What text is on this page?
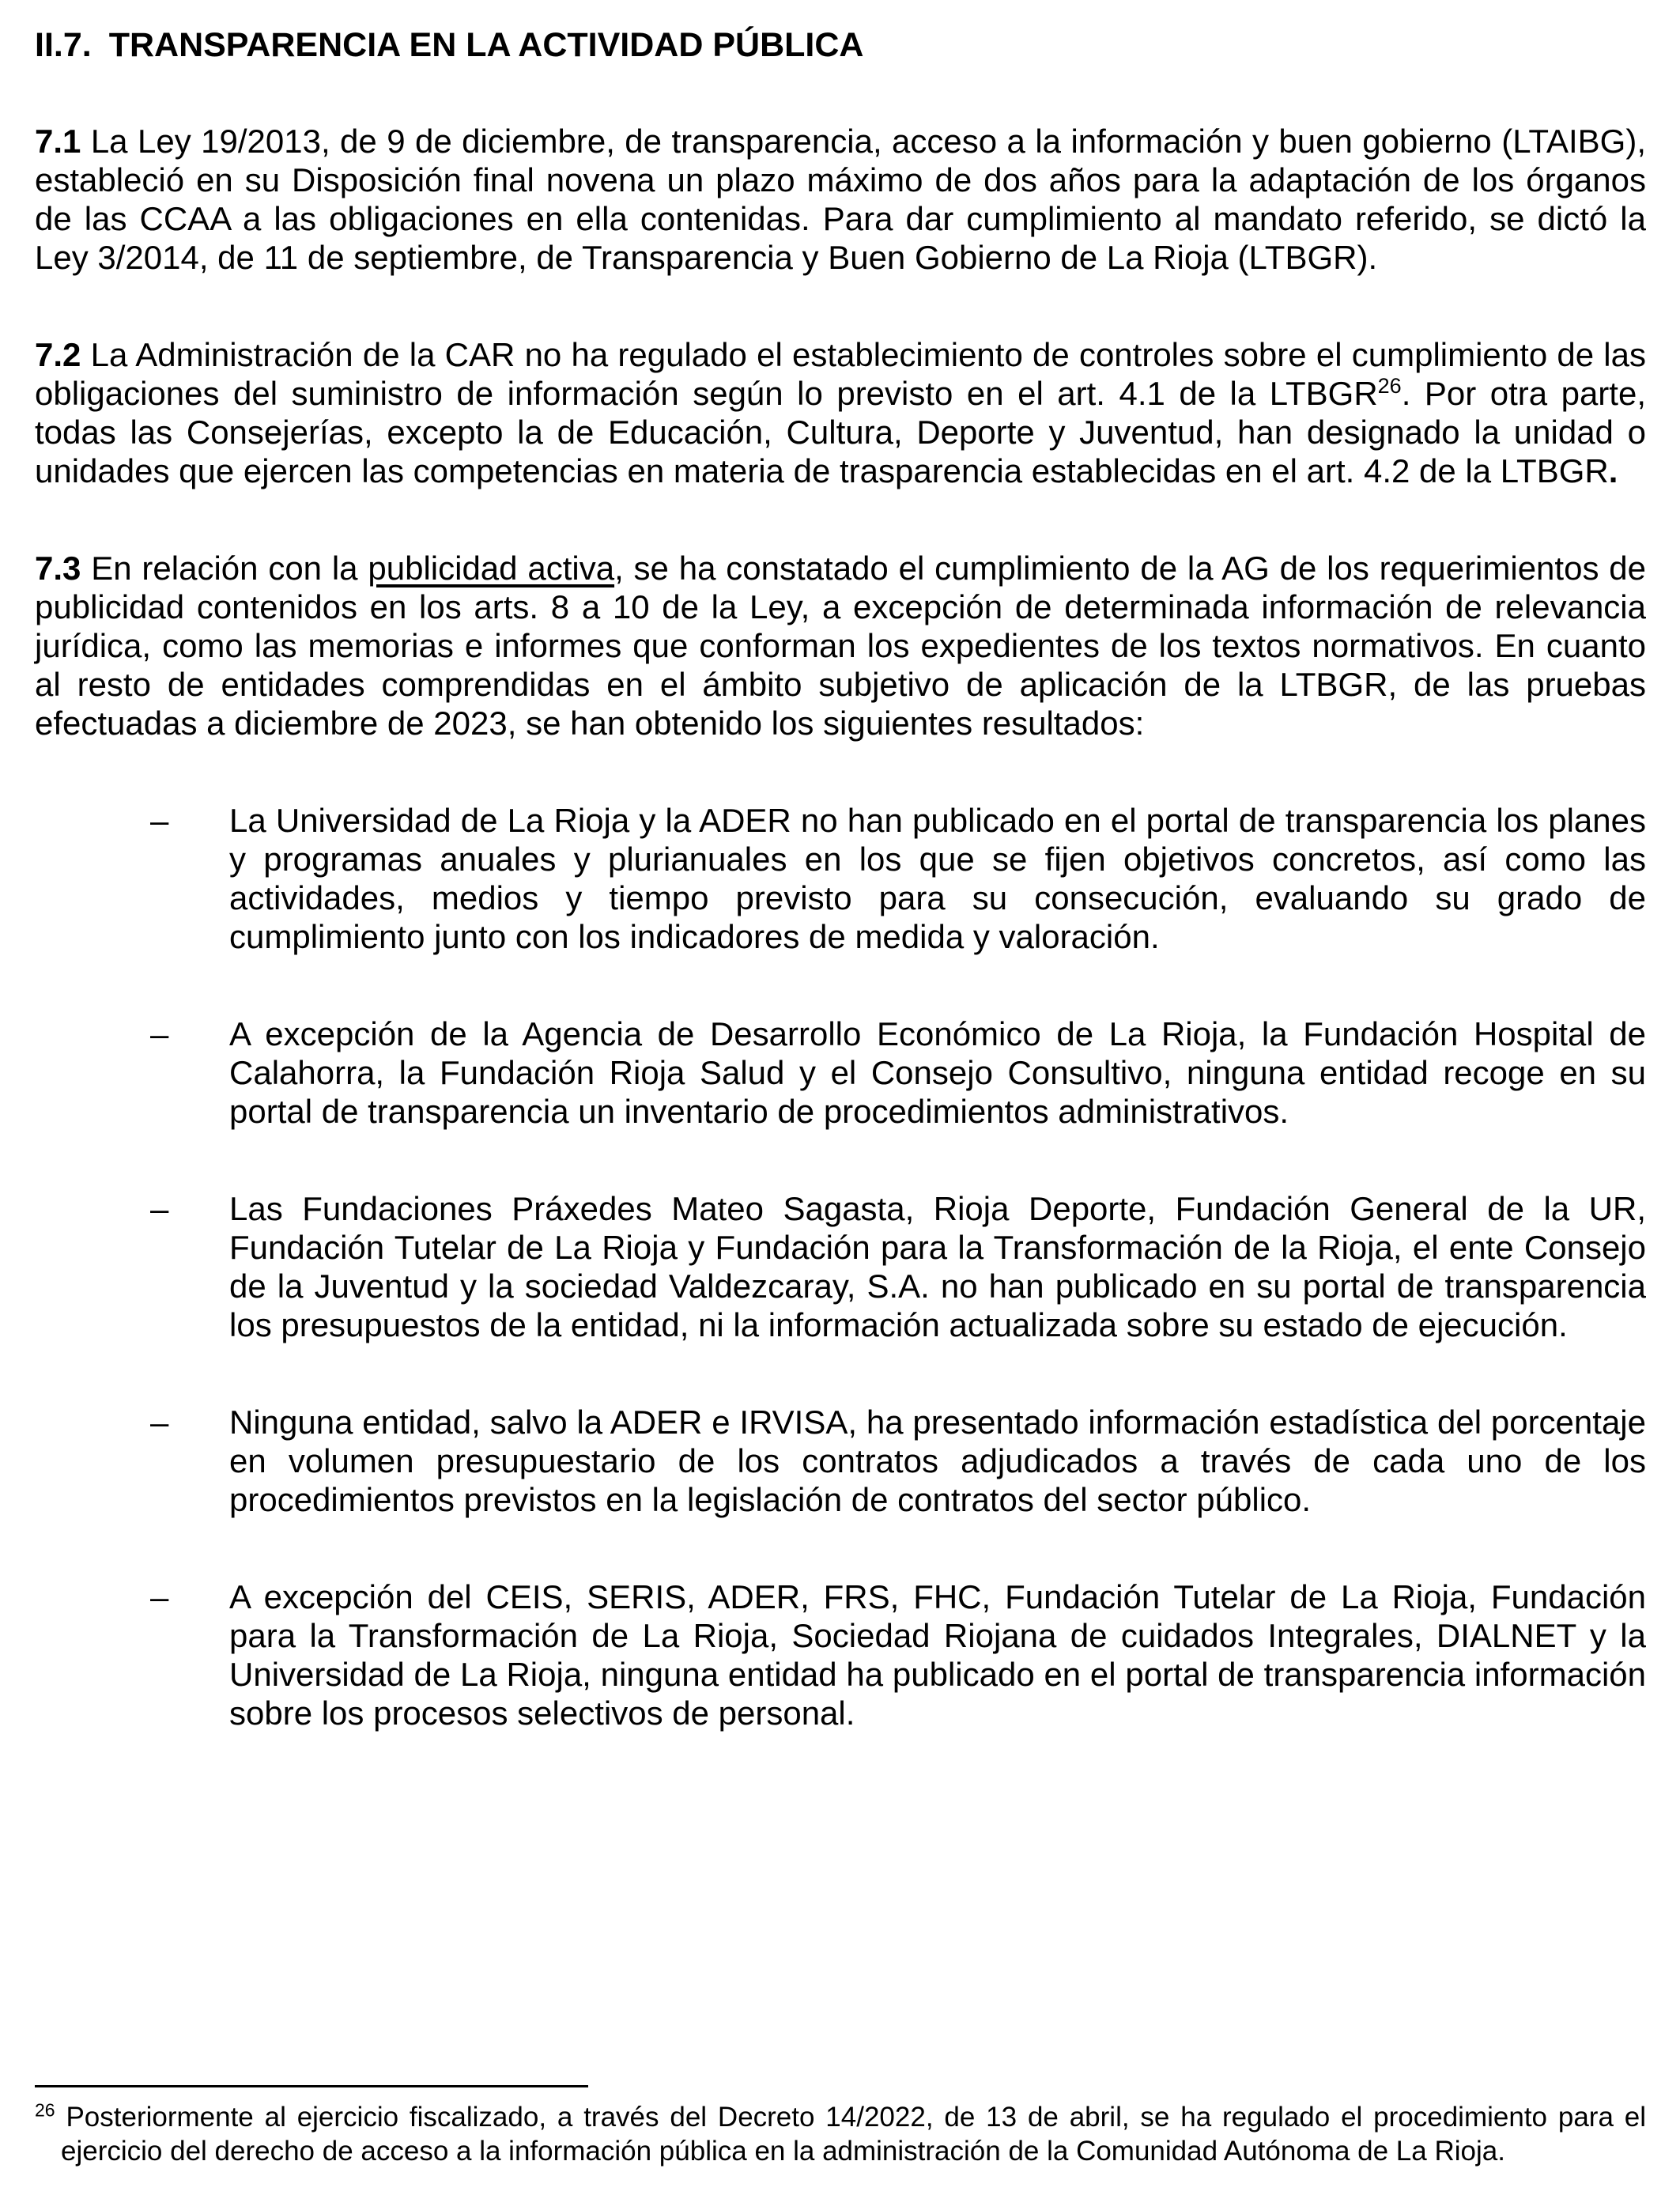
II.7. TRANSPARENCIA EN LA ACTIVIDAD PÚBLICA

7.1 La Ley 19/2013, de 9 de diciembre, de transparencia, acceso a la información y buen gobierno (LTAIBG), estableció en su Disposición final novena un plazo máximo de dos años para la adaptación de los órganos de las CCAA a las obligaciones en ella contenidas. Para dar cumplimiento al mandato referido, se dictó la Ley 3/2014, de 11 de septiembre, de Transparencia y Buen Gobierno de La Rioja (LTBGR).

7.2 La Administración de la CAR no ha regulado el establecimiento de controles sobre el cumplimiento de las obligaciones del suministro de información según lo previsto en el art. 4.1 de la LTBGR$^{26}$. Por otra parte, todas las Consejerías, excepto la de Educación, Cultura, Deporte y Juventud, han designado la unidad o unidades que ejercen las competencias en materia de trasparencia establecidas en el art. 4.2 de la LTBGR.

7.3 En relación con la publicidad activa, se ha constatado el cumplimiento de la AG de los requerimientos de publicidad contenidos en los arts. 8 a 10 de la Ley, a excepción de determinada información de relevancia jurídica, como las memorias e informes que conforman los expedientes de los textos normativos. En cuanto al resto de entidades comprendidas en el ámbito subjetivo de aplicación de la LTBGR, de las pruebas efectuadas a diciembre de 2023, se han obtenido los siguientes resultados:

–	La Universidad de La Rioja y la ADER no han publicado en el portal de transparencia los planes y programas anuales y plurianuales en los que se fijen objetivos concretos, así como las actividades, medios y tiempo previsto para su consecución, evaluando su grado de cumplimiento junto con los indicadores de medida y valoración.
–	A excepción de la Agencia de Desarrollo Económico de La Rioja, la Fundación Hospital de Calahorra, la Fundación Rioja Salud y el Consejo Consultivo, ninguna entidad recoge en su portal de transparencia un inventario de procedimientos administrativos.
–	Las Fundaciones Práxedes Mateo Sagasta, Rioja Deporte, Fundación General de la UR, Fundación Tutelar de La Rioja y Fundación para la Transformación de la Rioja, el ente Consejo de la Juventud y la sociedad Valdezcaray, S.A. no han publicado en su portal de transparencia los presupuestos de la entidad, ni la información actualizada sobre su estado de ejecución.
–	Ninguna entidad, salvo la ADER e IRVISA, ha presentado información estadística del porcentaje en volumen presupuestario de los contratos adjudicados a través de cada uno de los procedimientos previstos en la legislación de contratos del sector público.
–	A excepción del CEIS, SERIS, ADER, FRS, FHC, Fundación Tutelar de La Rioja, Fundación para la Transformación de La Rioja, Sociedad Riojana de cuidados Integrales, DIALNET y la Universidad de La Rioja, ninguna entidad ha publicado en el portal de transparencia información sobre los procesos selectivos de personal.

$^{26}$ Posteriormente al ejercicio fiscalizado, a través del Decreto 14/2022, de 13 de abril, se ha regulado el procedimiento para el ejercicio del derecho de acceso a la información pública en la administración de la Comunidad Autónoma de La Rioja.
